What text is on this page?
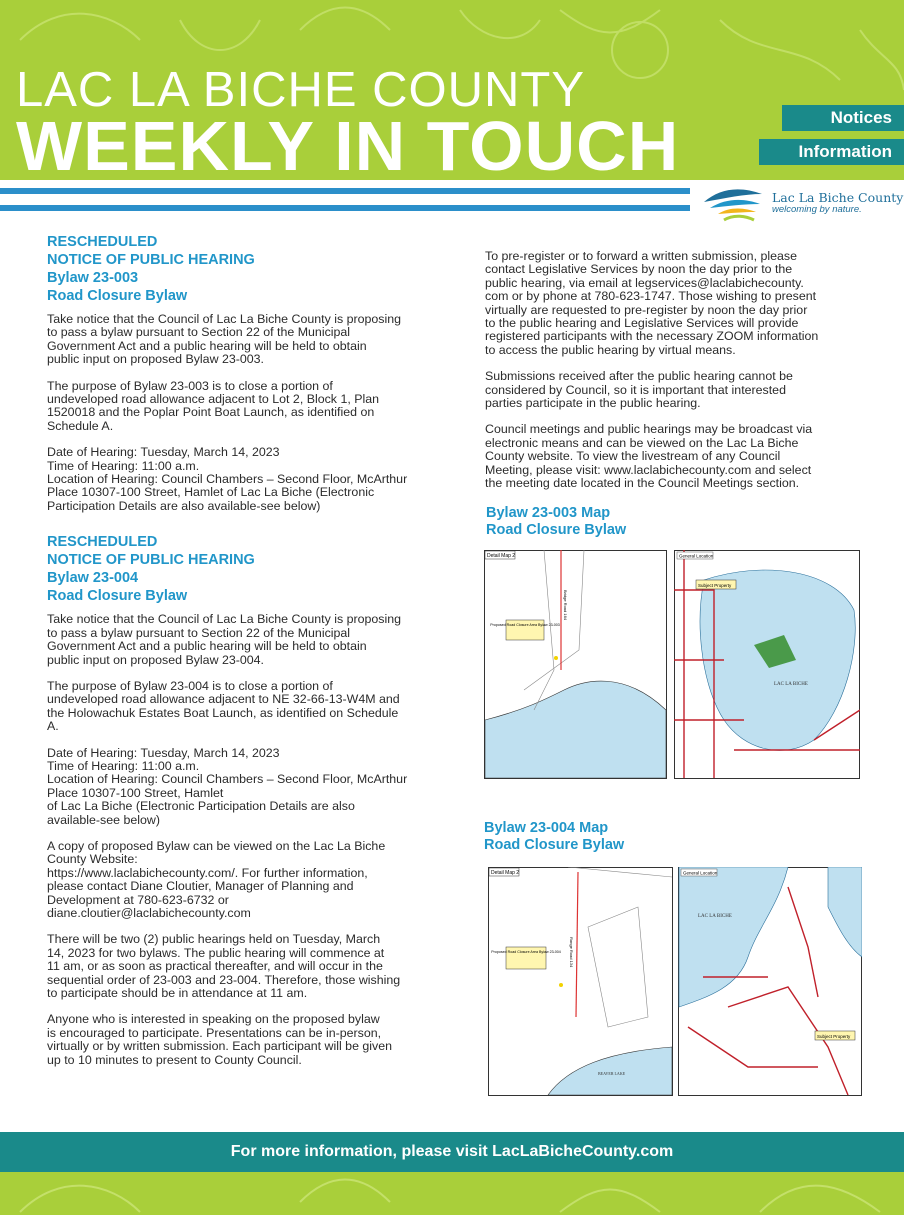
LAC LA BICHE COUNTY
WEEKLY IN TOUCH	Notices
Information
Lac La Biche County
welcoming by nature.
RESCHEDULED
NOTICE OF PUBLIC HEARING
Bylaw 23-003
Road Closure Bylaw

Take notice that the Council of Lac La Biche County is proposing
to pass a bylaw pursuant to Section 22 of the Municipal
Government Act and a public hearing will be held to obtain
public input on proposed Bylaw 23-003.

The purpose of Bylaw 23-003 is to close a portion of
undeveloped road allowance adjacent to Lot 2, Block 1, Plan
1520018 and the Poplar Point Boat Launch, as identified on
Schedule A.

Date of Hearing: Tuesday, March 14, 2023
Time of Hearing: 11:00 a.m.
Location of Hearing: Council Chambers – Second Floor, McArthur
Place 10307-100 Street, Hamlet of Lac La Biche (Electronic
Participation Details are also available-see below)

RESCHEDULED
NOTICE OF PUBLIC HEARING
Bylaw 23-004
Road Closure Bylaw

Take notice that the Council of Lac La Biche County is proposing
to pass a bylaw pursuant to Section 22 of the Municipal
Government Act and a public hearing will be held to obtain
public input on proposed Bylaw 23-004.

The purpose of Bylaw 23-004 is to close a portion of
undeveloped road allowance adjacent to NE 32-66-13-W4M and
the Holowachuk Estates Boat Launch, as identified on Schedule
A.

Date of Hearing: Tuesday, March 14, 2023
Time of Hearing: 11:00 a.m.
Location of Hearing: Council Chambers – Second Floor, McArthur
Place 10307-100 Street, Hamlet
of Lac La Biche (Electronic Participation Details are also
available-see below)

A copy of proposed Bylaw can be viewed on the Lac La Biche
County Website:
https://www.laclabichecounty.com/. For further information,
please contact Diane Cloutier, Manager of Planning and
Development at 780-623-6732 or
diane.cloutier@laclabichecounty.com

There will be two (2) public hearings held on Tuesday, March
14, 2023 for two bylaws. The public hearing will commence at
11 am, or as soon as practical thereafter, and will occur in the
sequential order of 23-003 and 23-004. Therefore, those wishing
to participate should be in attendance at 11 am.

Anyone who is interested in speaking on the proposed bylaw
is encouraged to participate. Presentations can be in-person,
virtually or by written submission. Each participant will be given
up to 10 minutes to present to County Council.

To pre-register or to forward a written submission, please
contact Legislative Services by noon the day prior to the
public hearing, via email at legservices@laclabichecounty.
com or by phone at 780-623-1747. Those wishing to present
virtually are requested to pre-register by noon the day prior
to the public hearing and Legislative Services will provide
registered participants with the necessary ZOOM information
to access the public hearing by virtual means.

Submissions received after the public hearing cannot be
considered by Council, so it is important that interested
parties participate in the public hearing.

Council meetings and public hearings may be broadcast via
electronic means and can be viewed on the Lac La Biche
County website. To view the livestream of any Council
Meeting, please visit: www.laclabichecounty.com and select
the meeting date located in the Council Meetings section.

Bylaw 23-003 Map
Road Closure Bylaw
Detail Map 2
Bridge Road 164
Proposed Road Closure Area Bylaw 23-003
General Location
Subject Property
LAC LA BICHE

Bylaw 23-004 Map
Road Closure Bylaw
Detail Map 2
Range Road 134
Proposed Road Closure Area Bylaw 23-004
BEAVER LAKE
General Location
Subject Property
LAC LA BICHE
For more information, please visit LacLaBicheCounty.com
